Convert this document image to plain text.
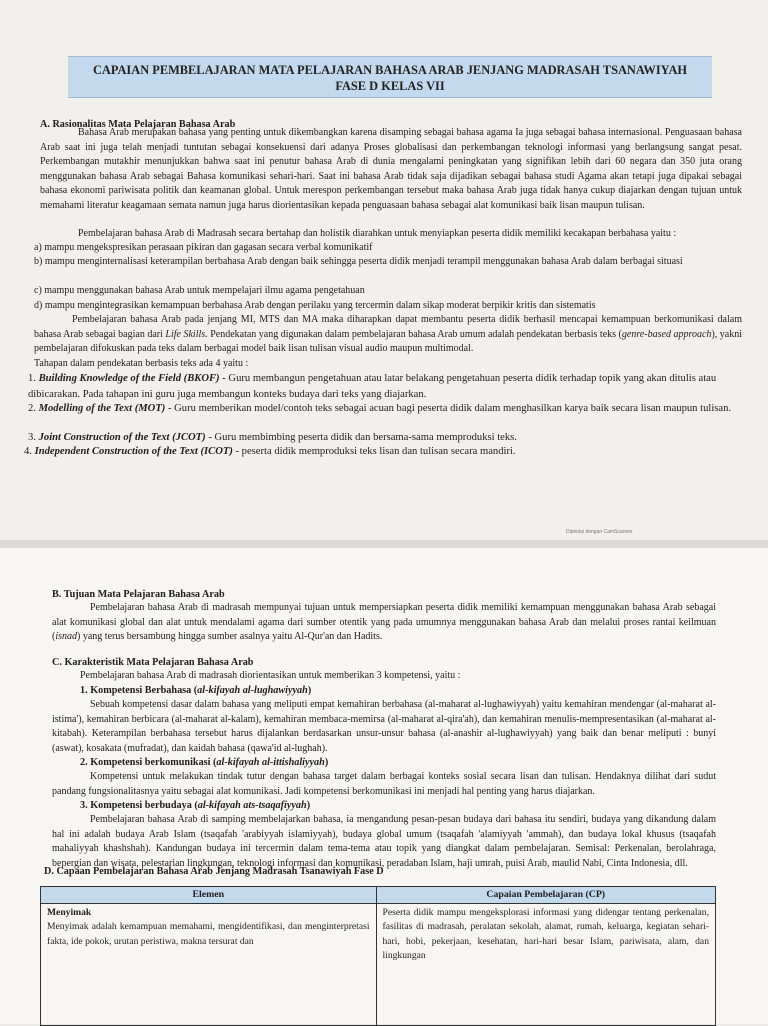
CAPAIAN PEMBELAJARAN MATA PELAJARAN BAHASA ARAB JENJANG MADRASAH TSANAWIYAH
FASE D KELAS VII

A. Rasionalitas Mata Pelajaran Bahasa Arab

Bahasa Arab merupakan bahasa yang penting untuk dikembangkan karena disamping sebagai bahasa agama Ia juga sebagai bahasa internasional. Penguasaan bahasa Arab saat ini juga telah menjadi tuntutan sebagai konsekuensi dari adanya Proses globalisasi dan perkembangan teknologi informasi yang berlangsung sangat pesat. Perkembangan mutakhir menunjukkan bahwa saat ini penutur bahasa Arab di dunia mengalami peningkatan yang signifikan lebih dari 60 negara dan 350 juta orang menggunakan bahasa Arab sebagai Bahasa komunikasi sehari-hari. Saat ini bahasa Arab tidak saja dijadikan sebagai bahasa studi Agama akan tetapi juga dipakai sebagai bahasa ekonomi pariwisata politik dan keamanan global. Untuk merespon perkembangan tersebut maka bahasa Arab juga tidak hanya cukup diajarkan dengan tujuan untuk memahami literatur keagamaan semata namun juga harus diorientasikan kepada penguasaan bahasa sebagai alat komunikasi baik lisan maupun tulisan.

Pembelajaran bahasa Arab di Madrasah secara bertahap dan holistik diarahkan untuk menyiapkan peserta didik memiliki kecakapan berbahasa yaitu :

a) mampu mengekspresikan perasaan pikiran dan gagasan secara verbal komunikatif

b) mampu menginternalisasi keterampilan berbahasa Arab dengan baik sehingga peserta didik menjadi terampil menggunakan bahasa Arab dalam berbagai situasi

c) mampu menggunakan bahasa Arab untuk mempelajari ilmu agama pengetahuan

d) mampu mengintegrasikan kemampuan berbahasa Arab dengan perilaku yang tercermin dalam sikap moderat berpikir kritis dan sistematis

Pembelajaran bahasa Arab pada jenjang MI, MTS dan MA maka diharapkan dapat membantu peserta didik berhasil mencapai kemampuan berkomunikasi dalam bahasa Arab sebagai bagian dari Life Skills. Pendekatan yang digunakan dalam pembelajaran bahasa Arab umum adalah pendekatan berbasis teks (genre-based approach), yakni pembelajaran difokuskan pada teks dalam berbagai model baik lisan tulisan visual audio maupun multimodal.

Tahapan dalam pendekatan berbasis teks ada 4 yaitu :

1. Building Knowledge of the Field (BKOF) - Guru membangun pengetahuan atau latar belakang pengetahuan peserta didik terhadap topik yang akan ditulis atau dibicarakan. Pada tahapan ini guru juga membangun konteks budaya dari teks yang diajarkan.

2. Modelling of the Text (MOT) - Guru memberikan model/contoh teks sebagai acuan bagi peserta didik dalam menghasilkan karya baik secara lisan maupun tulisan.

3. Joint Construction of the Text (JCOT) - Guru membimbing peserta didik dan bersama-sama memproduksi teks.

4. Independent Construction of the Text (ICOT) - peserta didik memproduksi teks lisan dan tulisan secara mandiri.

Dipindai dengan CamScanner

B. Tujuan Mata Pelajaran Bahasa Arab

Pembelajaran bahasa Arab di madrasah mempunyai tujuan untuk mempersiapkan peserta didik memiliki kemampuan menggunakan bahasa Arab sebagai alat komunikasi global dan alat untuk mendalami agama dari sumber otentik yang pada umumnya menggunakan bahasa Arab dan melalui proses rantai keilmuan (isnad) yang terus bersambung hingga sumber asalnya yaitu Al-Qur'an dan Hadits.

C. Karakteristik Mata Pelajaran Bahasa Arab

Pembelajaran bahasa Arab di madrasah diorientasikan untuk memberikan 3 kompetensi, yaitu :

1. Kompetensi Berbahasa (al-kifayah al-lughawiyyah)

Sebuah kompetensi dasar dalam bahasa yang meliputi empat kemahiran berbahasa (al-maharat al-lughawiyyah) yaitu kemahiran mendengar (al-maharat al-istima'), kemahiran berbicara (al-maharat al-kalam), kemahiran membaca-memirsa (al-maharat al-qira'ah), dan kemahiran menulis-mempresentasikan (al-maharat al-kitabah). Keterampilan berbahasa tersebut harus dijalankan berdasarkan unsur-unsur bahasa (al-anashir al-lughawiyyah) yang baik dan benar meliputi : bunyi (aswat), kosakata (mufradat), dan kaidah bahasa (qawa'id al-lughah).

2. Kompetensi berkomunikasi (al-kifayah al-ittishaliyyah)

Kompetensi untuk melakukan tindak tutur dengan bahasa target dalam berbagai konteks sosial secara lisan dan tulisan. Hendaknya dilihat dari sudut pandang fungsionalitasnya yaitu sebagai alat komunikasi. Jadi kompetensi berkomunikasi ini menjadi hal penting yang harus diajarkan.

3. Kompetensi berbudaya (al-kifayah ats-tsaqafiyyah)

Pembelajaran bahasa Arab di samping membelajarkan bahasa, ia mengandung pesan-pesan budaya dari bahasa itu sendiri, budaya yang dikandung dalam hal ini adalah budaya Arab Islam (tsaqafah 'arabiyyah islamiyyah), budaya global umum (tsaqafah 'alamiyyah 'ammah), dan budaya lokal khusus (tsaqafah mahaliyyah khashshah). Kandungan budaya ini tercermin dalam tema-tema atau topik yang diangkat dalam pembelajaran. Semisal: Perkenalan, berolahraga, bepergian dan wisata, pelestarian lingkungan, teknologi informasi dan komunikasi, peradaban Islam, haji umrah, puisi Arab, maulid Nabi, Cinta Indonesia, dll.

D. Capaan Pembelajaran Bahasa Arab Jenjang Madrasah Tsanawiyah Fase D

Elemen	Capaian Pembelajaran (CP)

Menyimak
Menyimak adalah kemampuan memahami, mengidentifikasi, dan menginterpretasi fakta, ide pokok, urutan peristiwa, makna tersurat dan	Peserta didik mampu mengeksplorasi informasi yang didengar tentang perkenalan, fasilitas di madrasah, peralatan sekolah, alamat, rumah, keluarga, kegiatan sehari-hari, hobi, pekerjaan, kesehatan, hari-hari besar Islam, pariwisata, alam, dan lingkungan
